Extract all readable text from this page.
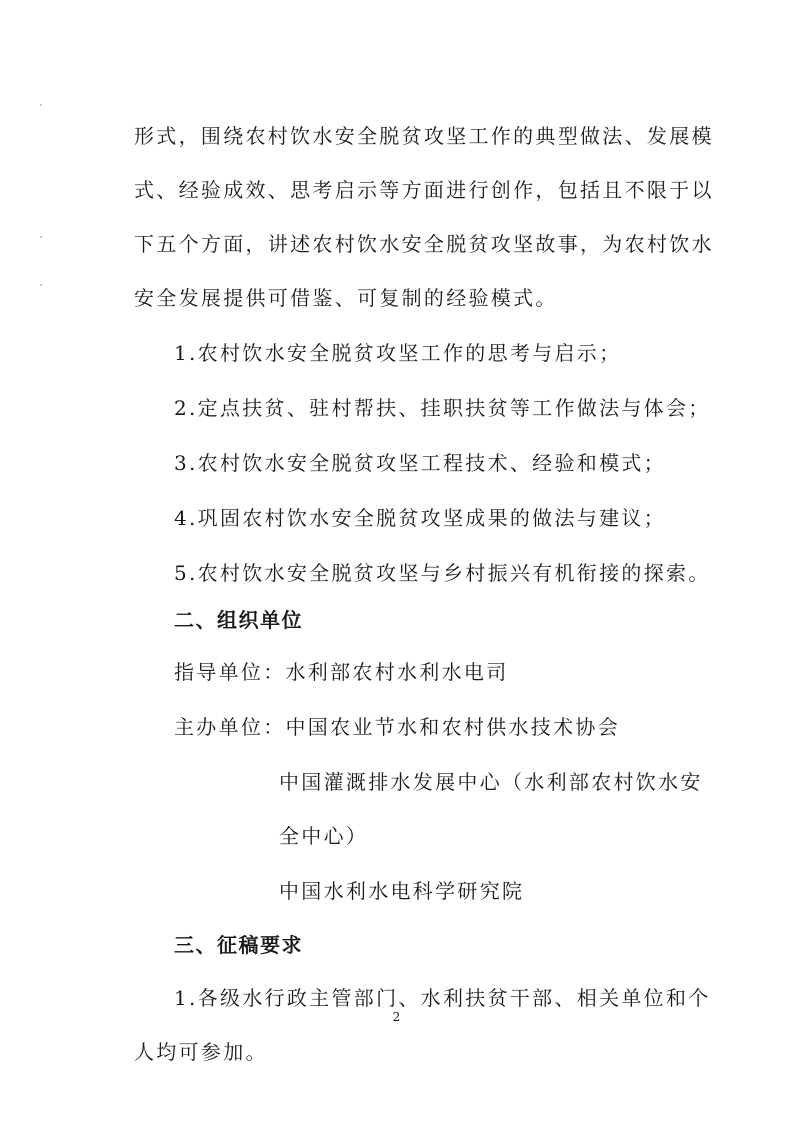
形式，围绕农村饮水安全脱贫攻坚工作的典型做法、发展模
式、经验成效、思考启示等方面进行创作，包括且不限于以
下五个方面，讲述农村饮水安全脱贫攻坚故事，为农村饮水
安全发展提供可借鉴、可复制的经验模式。
1.农村饮水安全脱贫攻坚工作的思考与启示；
2.定点扶贫、驻村帮扶、挂职扶贫等工作做法与体会；
3.农村饮水安全脱贫攻坚工程技术、经验和模式；
4.巩固农村饮水安全脱贫攻坚成果的做法与建议；
5.农村饮水安全脱贫攻坚与乡村振兴有机衔接的探索。
二、组织单位
指导单位：水利部农村水利水电司
主办单位：中国农业节水和农村供水技术协会
中国灌溉排水发展中心（水利部农村饮水安
全中心）
中国水利水电科学研究院
三、征稿要求
1.各级水行政主管部门、水利扶贫干部、相关单位和个
人均可参加。
2
